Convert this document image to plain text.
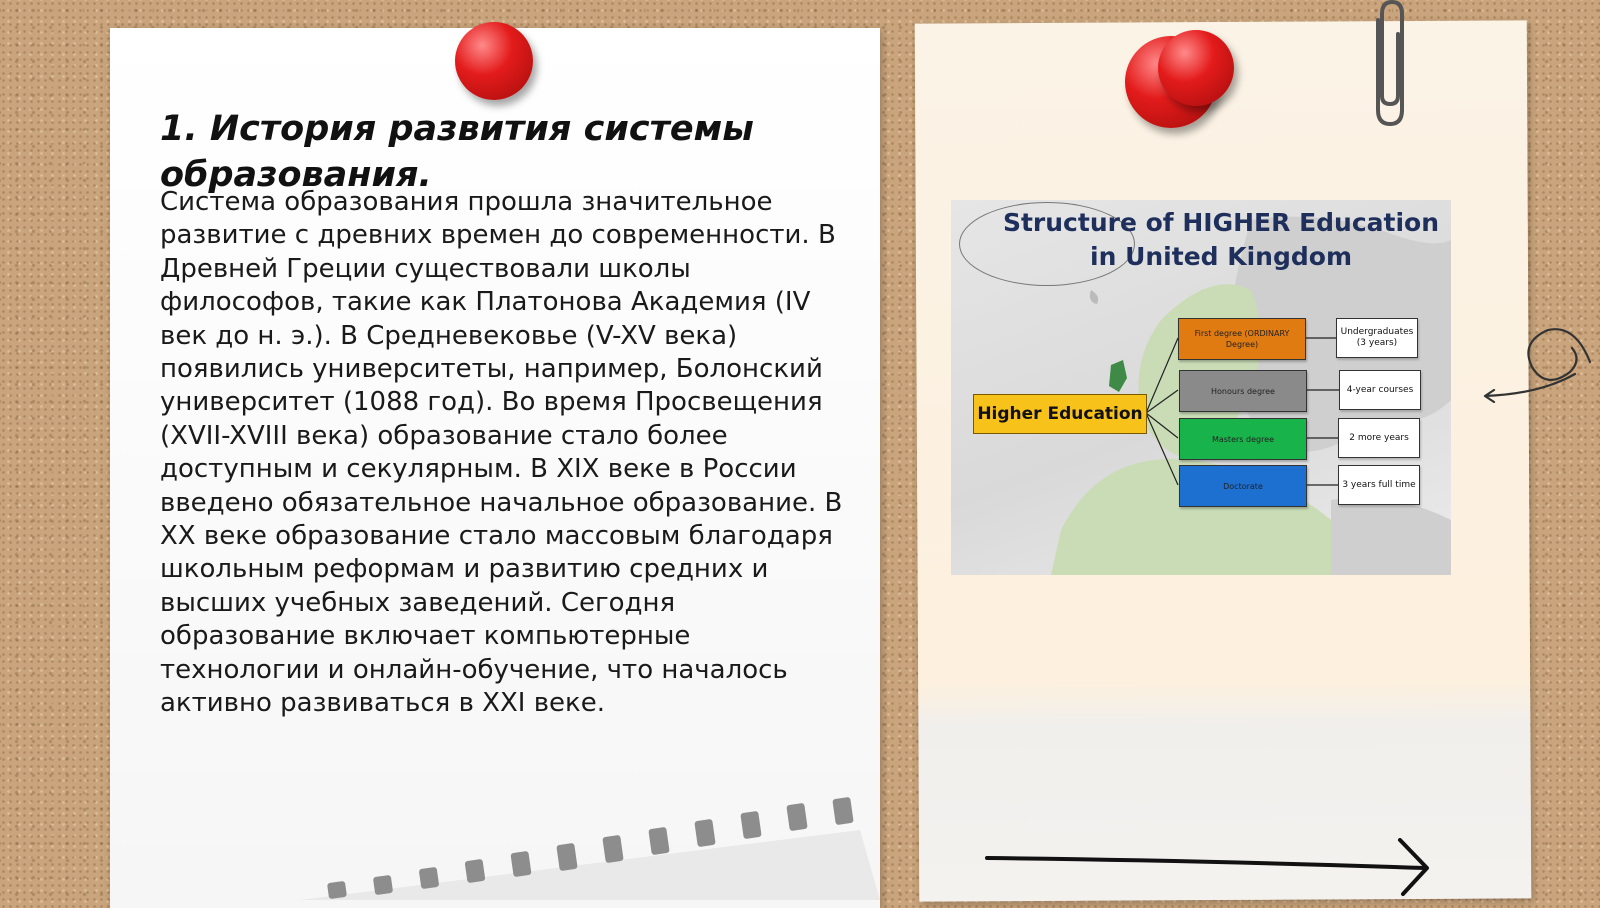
1. История развития системы образования.

Система образования прошла значительное развитие с древних времен до современности. В Древней Греции существовали школы философов, такие как Платонова Академия (IV век до н. э.). В Средневековье (V-XV века) появились университеты, например, Болонский университет (1088 год). Во время Просвещения (XVII-XVIII века) образование стало более доступным и секулярным. В XIX веке в России введено обязательное начальное образование. В XX веке образование стало массовым благодаря школьным реформам и развитию средних и высших учебных заведений. Сегодня образование включает компьютерные технологии и онлайн-обучение, что началось активно развиваться в XXI веке.

Structure of HIGHER Education in United Kingdom
Higher Education
First degree (ORDINARY Degree)
Honours degree
Masters degree
Doctorate
Undergraduates (3 years)
4-year courses
2 more years
3 years full time
